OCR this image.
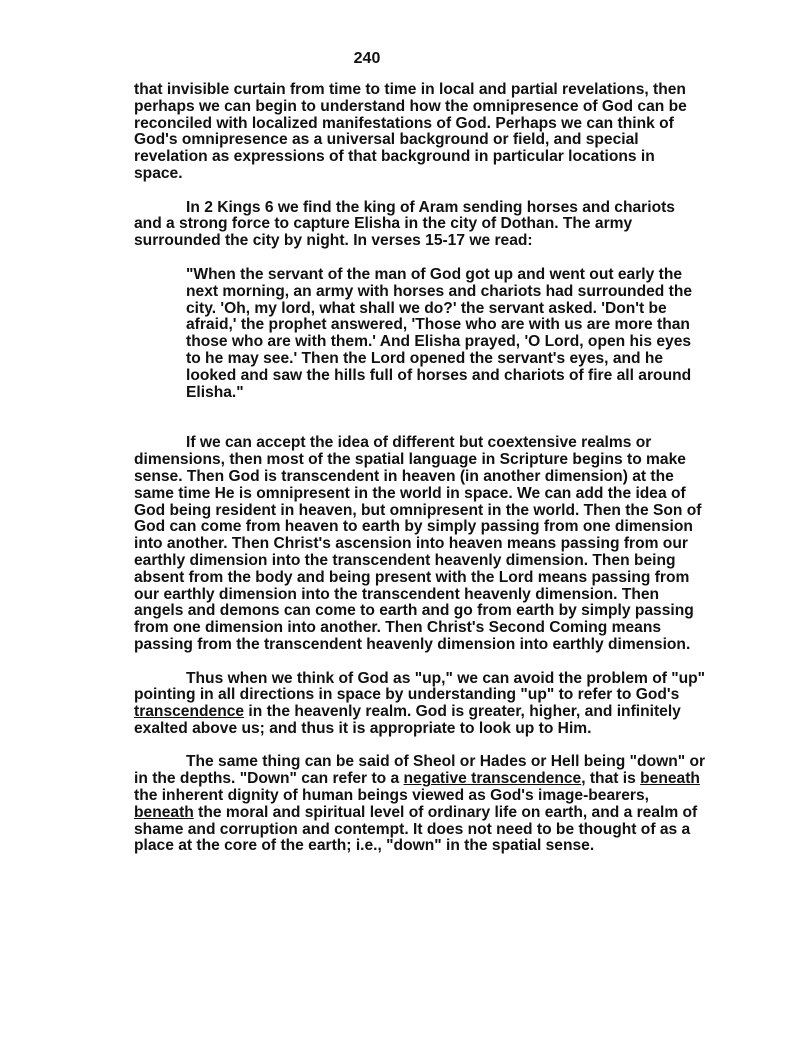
240

that invisible curtain from time to time in local and partial revelations, then perhaps we can begin to understand how the omnipresence of God can be reconciled with localized manifestations of God. Perhaps we can think of God's omnipresence as a universal background or field, and special revelation as expressions of that background in particular locations in space.

In 2 Kings 6 we find the king of Aram sending horses and chariots and a strong force to capture Elisha in the city of Dothan. The army surrounded the city by night. In verses 15-17 we read:

"When the servant of the man of God got up and went out early the next morning, an army with horses and chariots had surrounded the city. 'Oh, my lord, what shall we do?' the servant asked. 'Don't be afraid,' the prophet answered, 'Those who are with us are more than those who are with them.' And Elisha prayed, 'O Lord, open his eyes to he may see.' Then the Lord opened the servant's eyes, and he looked and saw the hills full of horses and chariots of fire all around Elisha."

If we can accept the idea of different but coextensive realms or dimensions, then most of the spatial language in Scripture begins to make sense. Then God is transcendent in heaven (in another dimension) at the same time He is omnipresent in the world in space. We can add the idea of God being resident in heaven, but omnipresent in the world. Then the Son of God can come from heaven to earth by simply passing from one dimension into another. Then Christ's ascension into heaven means passing from our earthly dimension into the transcendent heavenly dimension. Then being absent from the body and being present with the Lord means passing from our earthly dimension into the transcendent heavenly dimension. Then angels and demons can come to earth and go from earth by simply passing from one dimension into another. Then Christ's Second Coming means passing from the transcendent heavenly dimension into earthly dimension.

Thus when we think of God as "up," we can avoid the problem of "up" pointing in all directions in space by understanding "up" to refer to God's transcendence in the heavenly realm. God is greater, higher, and infinitely exalted above us; and thus it is appropriate to look up to Him.

The same thing can be said of Sheol or Hades or Hell being "down" or in the depths. "Down" can refer to a negative transcendence, that is beneath the inherent dignity of human beings viewed as God's image-bearers, beneath the moral and spiritual level of ordinary life on earth, and a realm of shame and corruption and contempt. It does not need to be thought of as a place at the core of the earth; i.e., "down" in the spatial sense.
